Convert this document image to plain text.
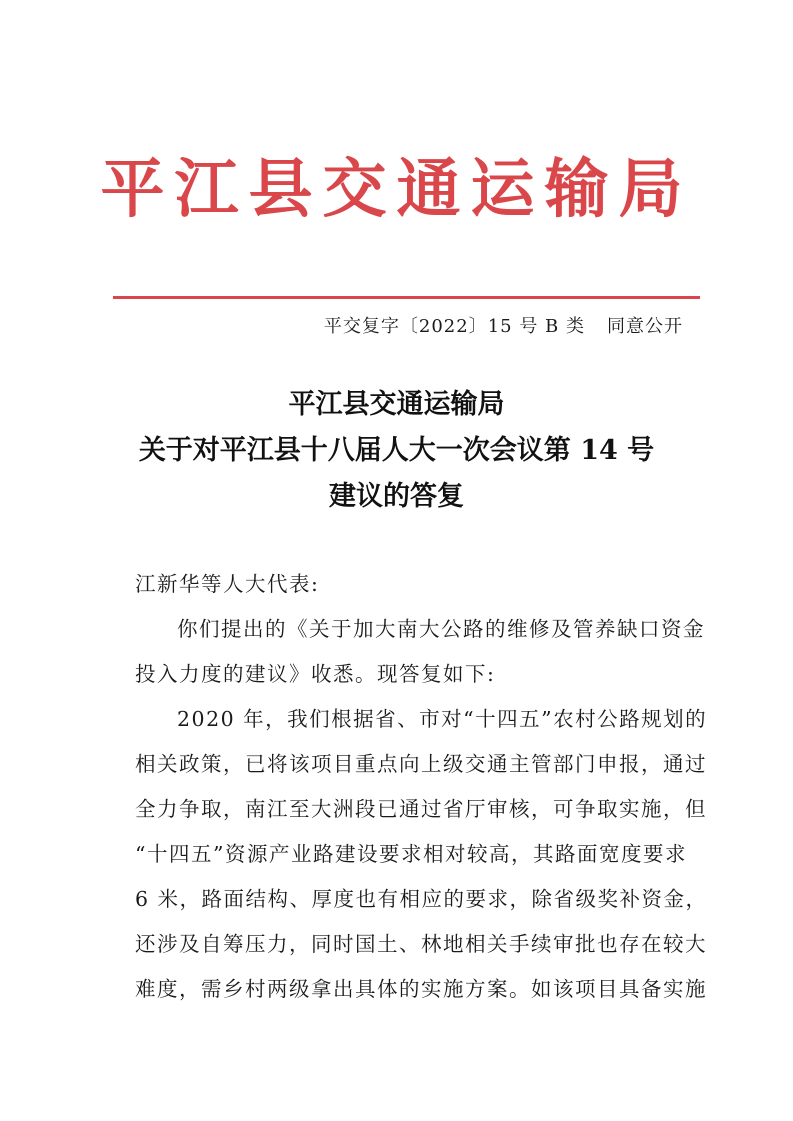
平江县交通运输局
平交复字〔2022〕15 号 B 类 同意公开
平江县交通运输局
关于对平江县十八届人大一次会议第 14 号
建议的答复
江新华等人大代表:
你们提出的《关于加大南大公路的维修及管养缺口资金
投入力度的建议》收悉。现答复如下:
2020 年，我们根据省、市对“十四五”农村公路规划的
相关政策，已将该项目重点向上级交通主管部门申报，通过
全力争取，南江至大洲段已通过省厅审核，可争取实施，但
“十四五”资源产业路建设要求相对较高，其路面宽度要求
6 米，路面结构、厚度也有相应的要求，除省级奖补资金，
还涉及自筹压力，同时国土、林地相关手续审批也存在较大
难度，需乡村两级拿出具体的实施方案。如该项目具备实施
